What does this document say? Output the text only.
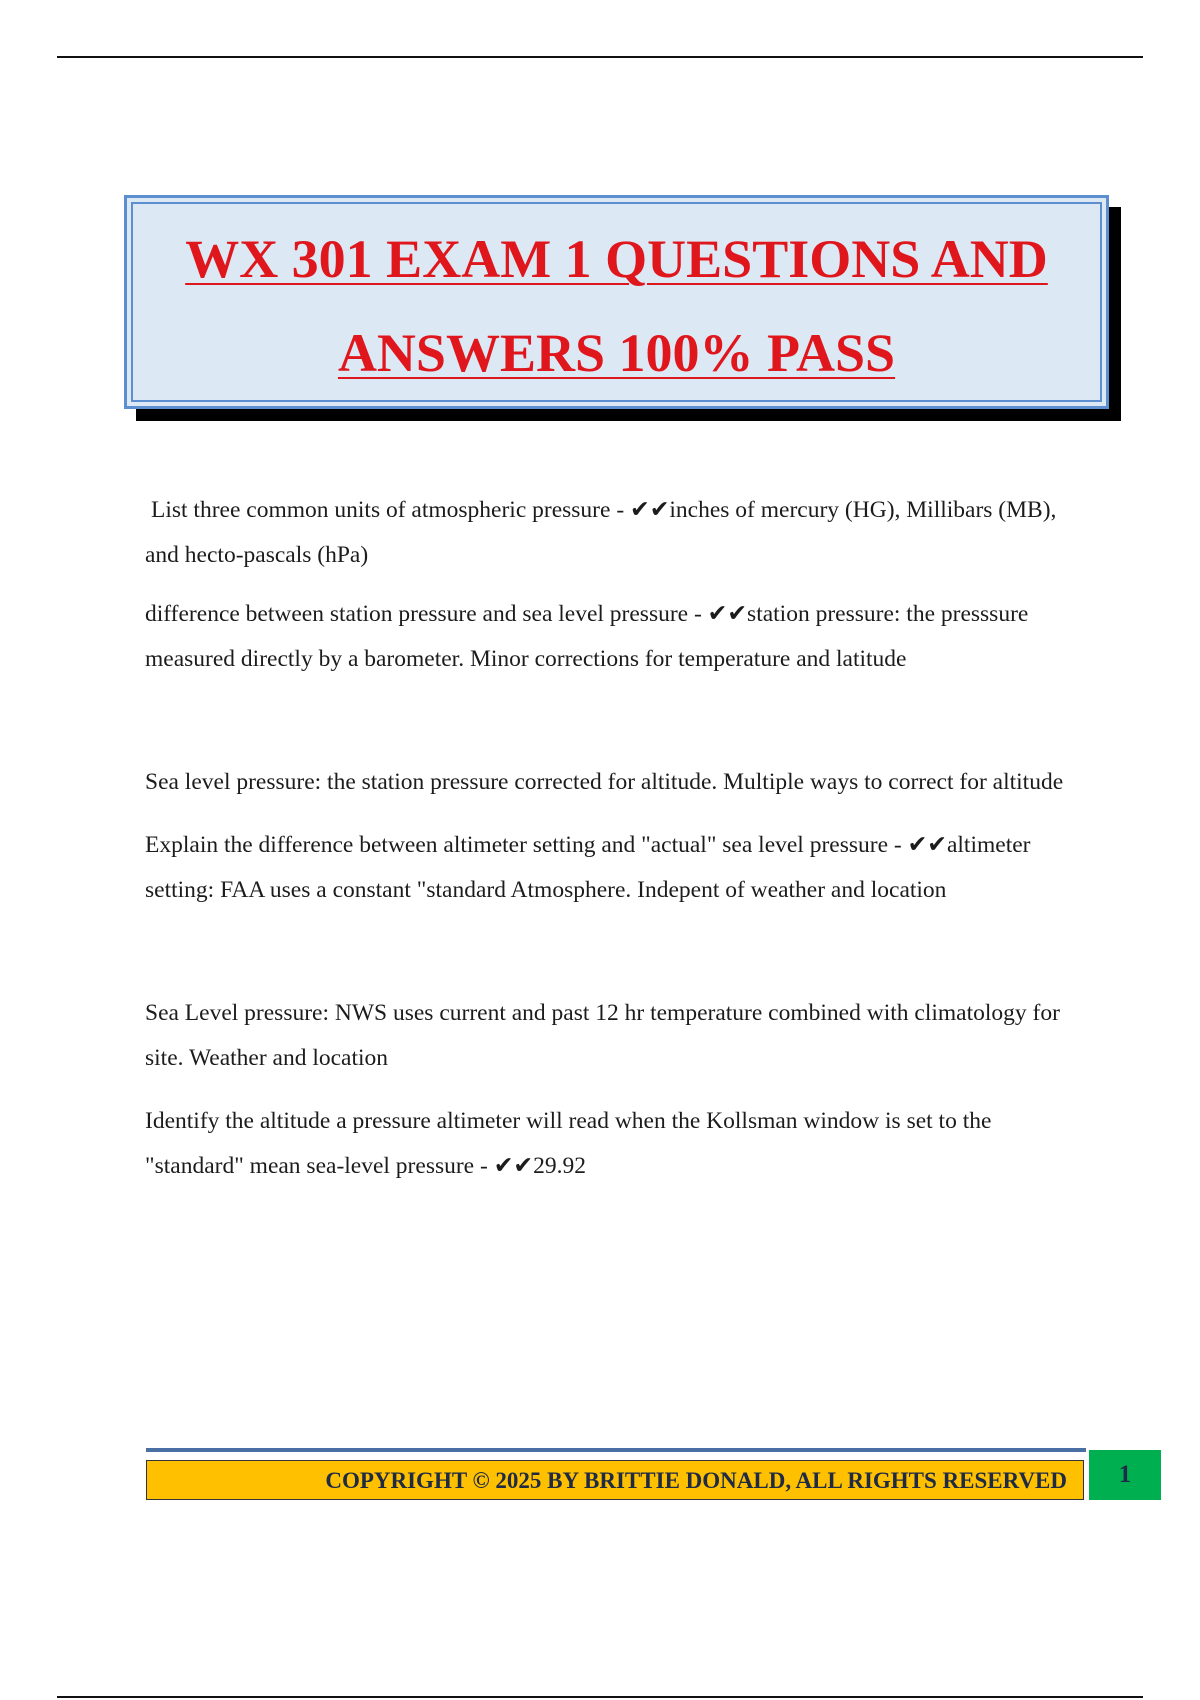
WX 301 EXAM 1 QUESTIONS AND
ANSWERS 100% PASS

List three common units of atmospheric pressure - ✔✔inches of mercury (HG), Millibars (MB), and hecto-pascals (hPa)

difference between station pressure and sea level pressure - ✔✔station pressure: the presssure measured directly by a barometer. Minor corrections for temperature and latitude

Sea level pressure: the station pressure corrected for altitude. Multiple ways to correct for altitude

Explain the difference between altimeter setting and "actual" sea level pressure - ✔✔altimeter setting: FAA uses a constant "standard Atmosphere. Indepent of weather and location

Sea Level pressure: NWS uses current and past 12 hr temperature combined with climatology for site. Weather and location

Identify the altitude a pressure altimeter will read when the Kollsman window is set to the "standard" mean sea-level pressure - ✔✔29.92

COPYRIGHT © 2025 BY BRITTIE DONALD, ALL RIGHTS RESERVED	1
